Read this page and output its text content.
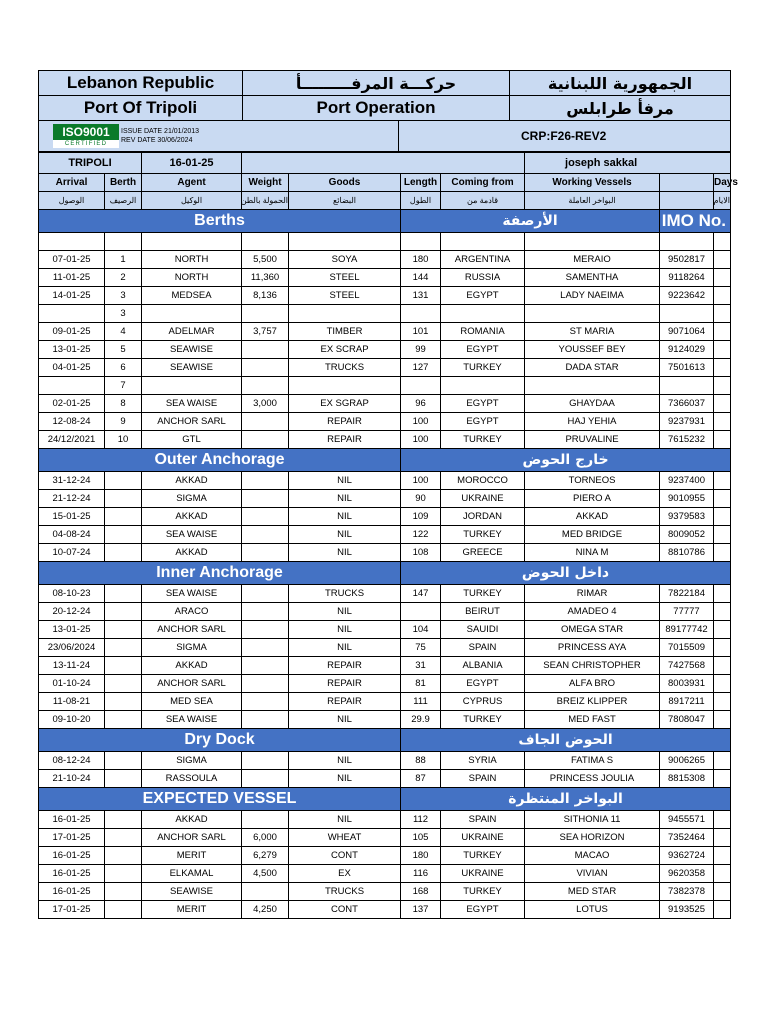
Lebanon Republic	حركـــة المرفـــــــــأ		الجمهورية اللبنانية
Port Of Tripoli	Port Operation		مرفأ طرابلس

ISO9001
CERTIFIED
ISSUE DATE 21/01/2013
REV DATE 30/06/2024		CRP:F26-REV2	
TRIPOLI		16-01-25					joseph sakkal		
Arrival	Berth	Agent	Weight	Goods	Length	Coming from	Working Vessels		Days
الوصول	الرصيف	الوكيل	الحمولة بالطن	البضائع	الطول	قادمة من	البواخر العاملة		الايام
Berths					الأرصفة			IMO No.	

07-01-25	1	NORTH	5,500	SOYA	180	ARGENTINA	MERAIO	9502817	
11-01-25	2	NORTH	11,360	STEEL	144	RUSSIA	SAMENTHA	9118264	
14-01-25	3	MEDSEA	8,136	STEEL	131	EGYPT	LADY NAEIMA	9223642	
	3								
09-01-25	4	ADELMAR	3,757	TIMBER	101	ROMANIA	ST MARIA	9071064	
13-01-25	5	SEAWISE		EX SCRAP	99	EGYPT	YOUSSEF BEY	9124029	
04-01-25	6	SEAWISE		TRUCKS	127	TURKEY	DADA STAR	7501613	
	7								
02-01-25	8	SEA WAISE	3,000	EX SGRAP	96	EGYPT	GHAYDAA	7366037	
12-08-24	9	ANCHOR SARL		REPAIR	100	EGYPT	HAJ YEHIA	9237931	
24/12/2021	10	GTL		REPAIR	100	TURKEY	PRUVALINE	7615232	
Outer Anchorage					خارج الحوض				
31-12-24		AKKAD		NIL	100	MOROCCO	TORNEOS	9237400	
21-12-24		SIGMA		NIL	90	UKRAINE	PIERO A	9010955	
15-01-25		AKKAD		NIL	109	JORDAN	AKKAD	9379583	
04-08-24		SEA WAISE		NIL	122	TURKEY	MED BRIDGE	8009052	
10-07-24		AKKAD		NIL	108	GREECE	NINA M	8810786	
Inner Anchorage					داخل الحوض				
08-10-23		SEA WAISE		TRUCKS	147	TURKEY	RIMAR	7822184	
20-12-24		ARACO		NIL		BEIRUT	AMADEO 4	77777	
13-01-25		ANCHOR SARL		NIL	104	SAUIDI	OMEGA STAR	89177742	
23/06/2024		SIGMA		NIL	75	SPAIN	PRINCESS AYA	7015509	
13-11-24		AKKAD		REPAIR	31	ALBANIA	SEAN CHRISTOPHER	7427568	
01-10-24		ANCHOR SARL		REPAIR	81	EGYPT	ALFA BRO	8003931	
11-08-21		MED SEA		REPAIR	111	CYPRUS	BREIZ KLIPPER	8917211	
09-10-20		SEA WAISE		NIL	29.9	TURKEY	MED FAST	7808047	
Dry Dock					الحوض الجاف				
08-12-24		SIGMA		NIL	88	SYRIA	FATIMA S	9006265	
21-10-24		RASSOULA		NIL	87	SPAIN	PRINCESS JOULIA	8815308	
EXPECTED VESSEL					البواخر المنتظرة				
16-01-25		AKKAD		NIL	112	SPAIN	SITHONIA 11	9455571	
17-01-25		ANCHOR SARL	6,000	WHEAT	105	UKRAINE	SEA HORIZON	7352464	
16-01-25		MERIT	6,279	CONT	180	TURKEY	MACAO	9362724	
16-01-25		ELKAMAL	4,500	EX	116	UKRAINE	VIVIAN	9620358	
16-01-25		SEAWISE		TRUCKS	168	TURKEY	MED STAR	7382378	
17-01-25		MERIT	4,250	CONT	137	EGYPT	LOTUS	9193525	
